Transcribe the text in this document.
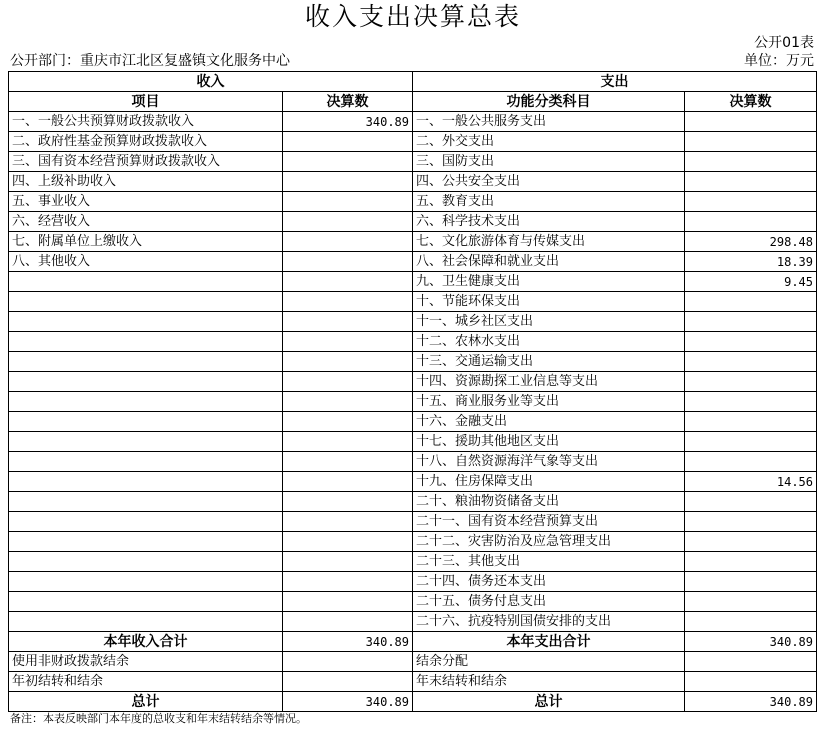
收入支出决算总表
公开01表
公开部门：重庆市江北区复盛镇文化服务中心	单位：万元
收入		支出	
项目	决算数	功能分类科目	决算数
一、一般公共预算财政拨款收入	340.89	一、一般公共服务支出	
二、政府性基金预算财政拨款收入		二、外交支出	
三、国有资本经营预算财政拨款收入		三、国防支出	
四、上级补助收入		四、公共安全支出	
五、事业收入		五、教育支出	
六、经营收入		六、科学技术支出	
七、附属单位上缴收入		七、文化旅游体育与传媒支出	298.48
八、其他收入		八、社会保障和就业支出	18.39
		九、卫生健康支出	9.45
		十、节能环保支出	
		十一、城乡社区支出	
		十二、农林水支出	
		十三、交通运输支出	
		十四、资源勘探工业信息等支出	
		十五、商业服务业等支出	
		十六、金融支出	
		十七、援助其他地区支出	
		十八、自然资源海洋气象等支出	
		十九、住房保障支出	14.56
		二十、粮油物资储备支出	
		二十一、国有资本经营预算支出	
		二十二、灾害防治及应急管理支出	
		二十三、其他支出	
		二十四、债务还本支出	
		二十五、债务付息支出	
		二十六、抗疫特别国债安排的支出	
本年收入合计	340.89	本年支出合计	340.89
使用非财政拨款结余		结余分配	
年初结转和结余		年末结转和结余	
总计	340.89	总计	340.89
备注：本表反映部门本年度的总收支和年末结转结余等情况。
